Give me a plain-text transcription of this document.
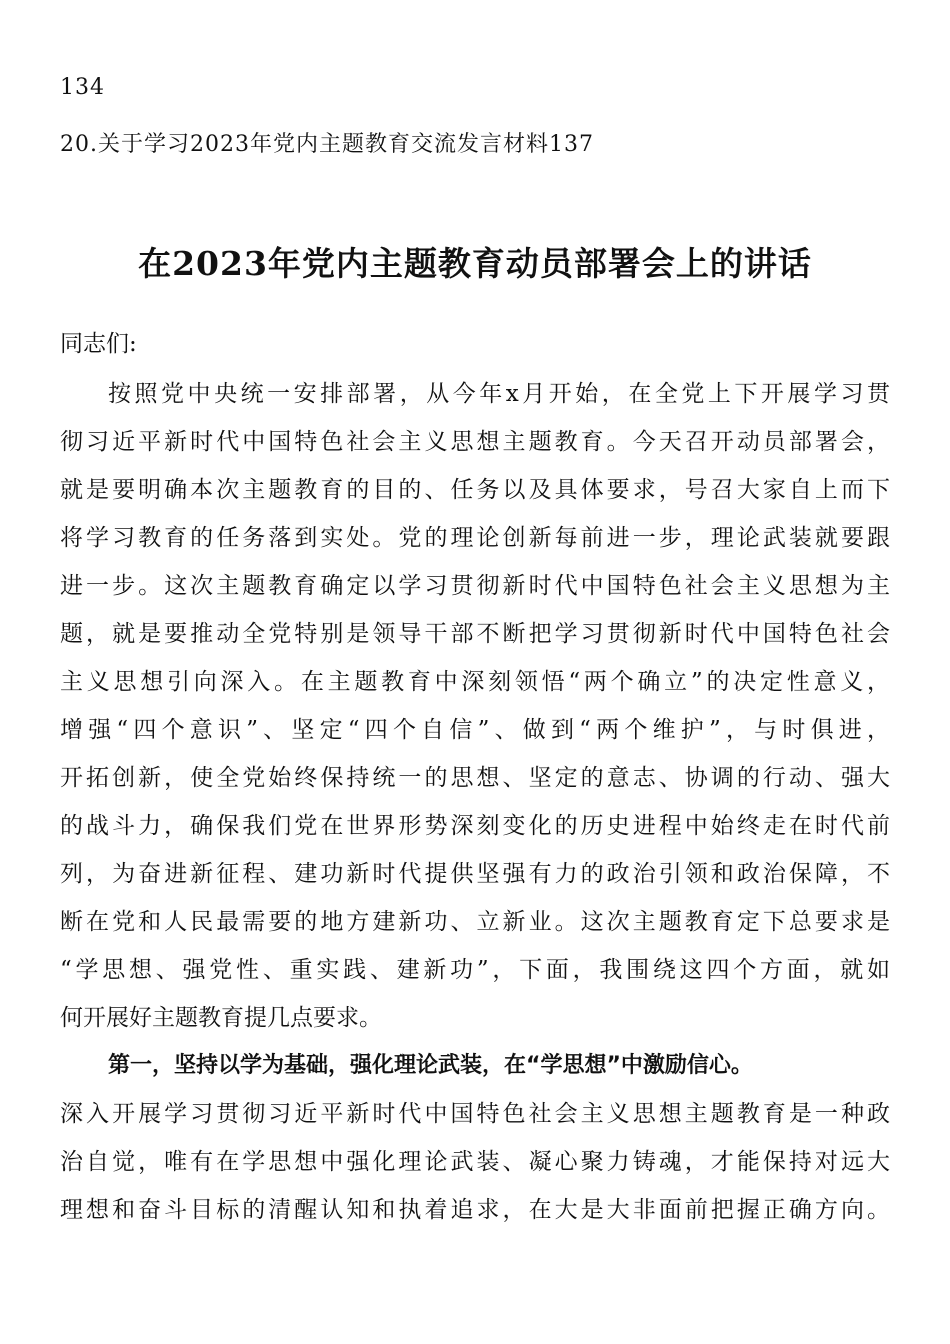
134
20.关于学习2023年党内主题教育交流发言材料137
在2023年党内主题教育动员部署会上的讲话
同志们:
按照党中央统一安排部署，从今年x月开始，在全党上下开展学习贯
彻习近平新时代中国特色社会主义思想主题教育。今天召开动员部署会，
就是要明确本次主题教育的目的、任务以及具体要求，号召大家自上而下
将学习教育的任务落到实处。党的理论创新每前进一步，理论武装就要跟
进一步。这次主题教育确定以学习贯彻新时代中国特色社会主义思想为主
题，就是要推动全党特别是领导干部不断把学习贯彻新时代中国特色社会
主义思想引向深入。在主题教育中深刻领悟“两个确立”的决定性意义，
增强“四个意识”、坚定“四个自信”、做到“两个维护”，与时俱进，
开拓创新，使全党始终保持统一的思想、坚定的意志、协调的行动、强大
的战斗力，确保我们党在世界形势深刻变化的历史进程中始终走在时代前
列，为奋进新征程、建功新时代提供坚强有力的政治引领和政治保障，不
断在党和人民最需要的地方建新功、立新业。这次主题教育定下总要求是
“学思想、强党性、重实践、建新功”，下面，我围绕这四个方面，就如
何开展好主题教育提几点要求。
第一，坚持以学为基础，强化理论武装，在“学思想”中激励信心。
深入开展学习贯彻习近平新时代中国特色社会主义思想主题教育是一种政
治自觉，唯有在学思想中强化理论武装、凝心聚力铸魂，才能保持对远大
理想和奋斗目标的清醒认知和执着追求，在大是大非面前把握正确方向。
